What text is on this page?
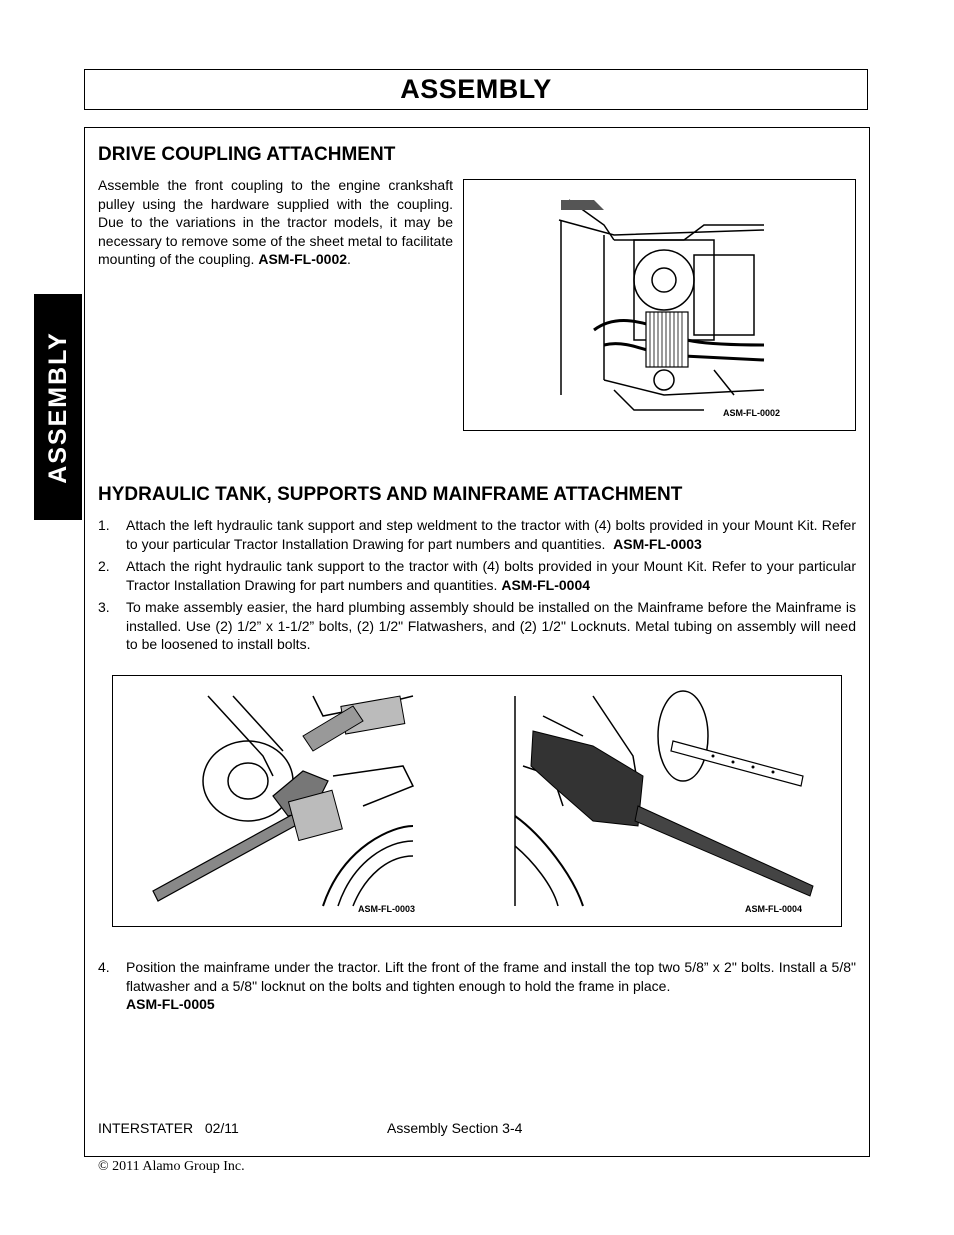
ASSEMBLY
ASSEMBLY
DRIVE COUPLING ATTACHMENT
Assemble the front coupling to the engine crankshaft pulley using the hardware supplied with the coupling. Due to the variations in the tractor models, it may be necessary to remove some of the sheet metal to facilitate mounting of the coupling. ASM-FL-0002.
ASM-FL-0002
HYDRAULIC TANK, SUPPORTS AND MAINFRAME ATTACHMENT
1. Attach the left hydraulic tank support and step weldment to the tractor with (4) bolts provided in your Mount Kit. Refer to your particular Tractor Installation Drawing for part numbers and quantities. ASM-FL-0003
2. Attach the right hydraulic tank support to the tractor with (4) bolts provided in your Mount Kit. Refer to your particular Tractor Installation Drawing for part numbers and quantities. ASM-FL-0004
3. To make assembly easier, the hard plumbing assembly should be installed on the Mainframe before the Mainframe is installed. Use (2) 1/2” x 1-1/2” bolts, (2) 1/2" Flatwashers, and (2) 1/2" Locknuts. Metal tubing on assembly will need to be loosened to install bolts.
ASM-FL-0003	ASM-FL-0004
4. Position the mainframe under the tractor. Lift the front of the frame and install the top two 5/8” x 2" bolts. Install a 5/8" flatwasher and a 5/8" locknut on the bolts and tighten enough to hold the frame in place.
ASM-FL-0005
INTERSTATER 02/11	Assembly Section 3-4
© 2011 Alamo Group Inc.
